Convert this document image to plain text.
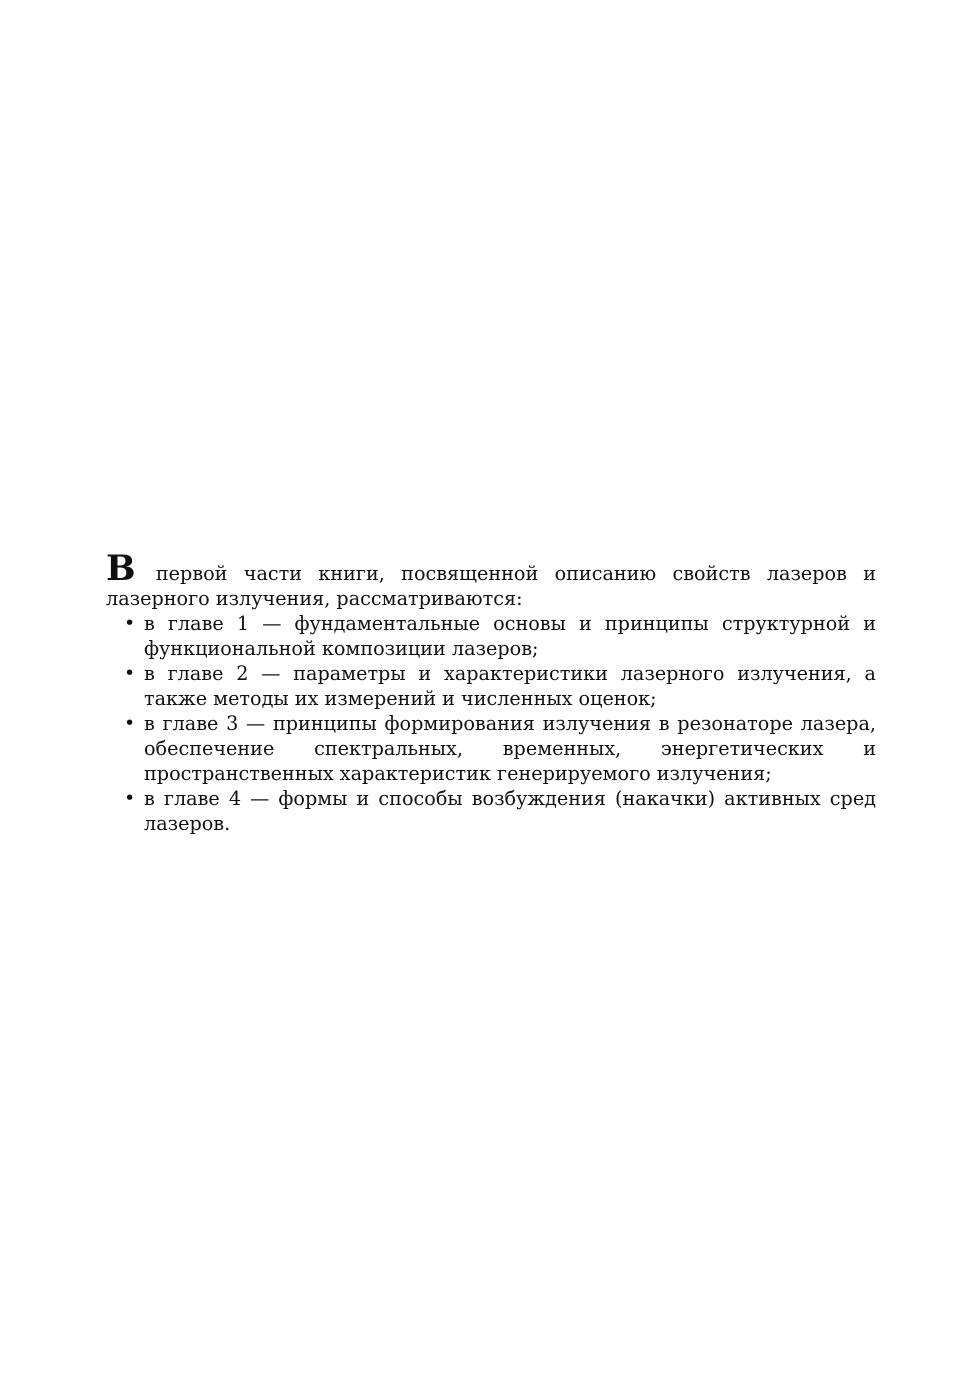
В первой части книги, посвященной описанию свойств лазеров и лазерного излучения, рассматриваются:

• в главе 1 — фундаментальные основы и принципы структурной и функциональной композиции лазеров;
• в главе 2 — параметры и характеристики лазерного излучения, а также методы их измерений и численных оценок;
• в главе 3 — принципы формирования излучения в резонаторе лазера, обеспечение спектральных, временных, энергетических и пространственных характеристик генерируемого излучения;
• в главе 4 — формы и способы возбуждения (накачки) активных сред лазеров.
